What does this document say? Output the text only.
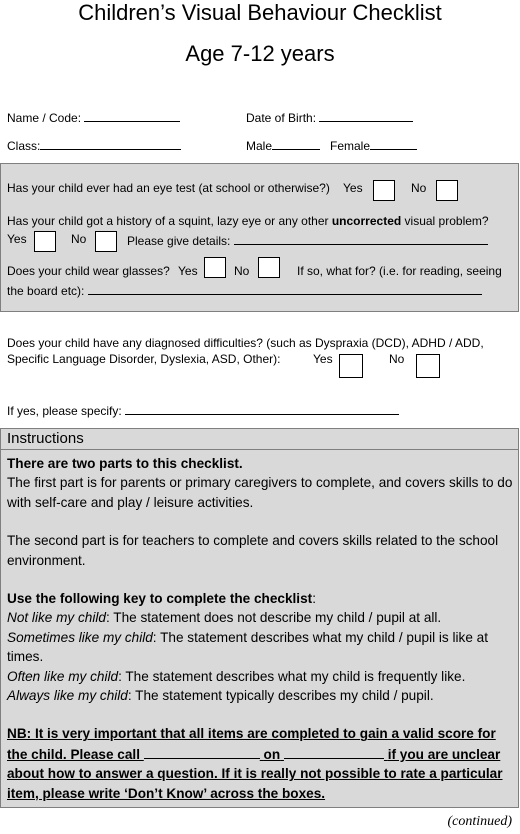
Children’s Visual Behaviour Checklist
Age 7-12 years
Name / Code:	Date of Birth:
Class:	Male	Female
Has your child ever had an eye test (at school or otherwise?) Yes	No
Has your child got a history of a squint, lazy eye or any other uncorrected visual problem?
Yes	No	Please give details:
Does your child wear glasses? Yes	No	If so, what for? (i.e. for reading, seeing
the board etc):
Does your child have any diagnosed difficulties? (such as Dyspraxia (DCD), ADHD / ADD,
Specific Language Disorder, Dyslexia, ASD, Other):	Yes	No
If yes, please specify:
Instructions

There are two parts to this checklist.

The first part is for parents or primary caregivers to complete, and covers skills to do with self-care and play / leisure activities.

The second part is for teachers to complete and covers skills related to the school environment.

Use the following key to complete the checklist:

Not like my child: The statement does not describe my child / pupil at all.

Sometimes like my child: The statement describes what my child / pupil is like at times.

Often like my child: The statement describes what my child is frequently like.

Always like my child: The statement typically describes my child / pupil.

NB: It is very important that all items are completed to gain a valid score for the child. Please call	on	if you are unclear about how to answer a question. If it is really not possible to rate a particular item, please write ‘Don’t Know’ across the boxes.

(continued)
